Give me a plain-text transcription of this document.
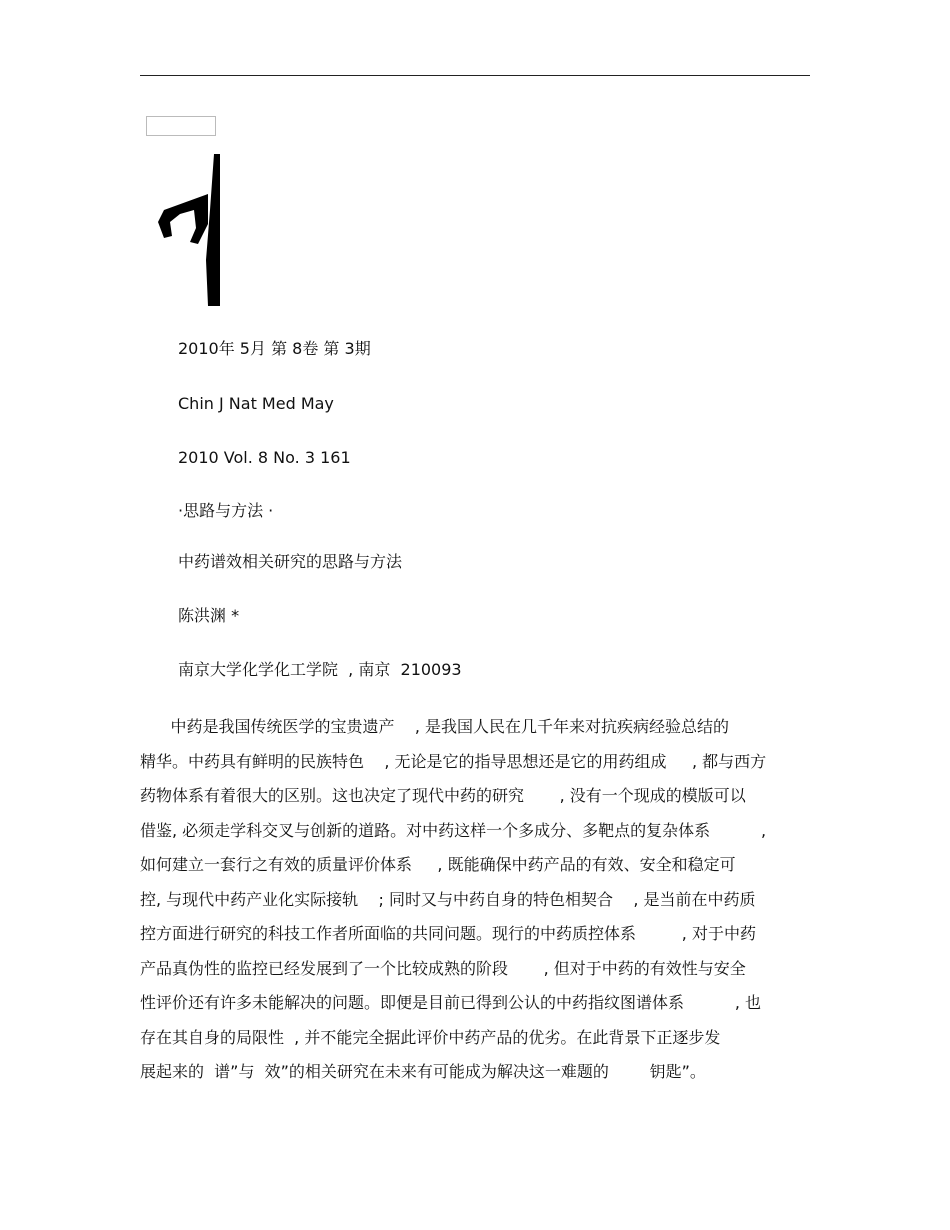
2010年 5月 第 8卷 第 3期
Chin J Nat Med May
2010 Vol. 8 No. 3 161
·思路与方法 ·
中药谱效相关研究的思路与方法
陈洪渊 *
南京大学化学化工学院  , 南京  210093
中药是我国传统医学的宝贵遗产    , 是我国人民在几千年来对抗疾病经验总结的
精华。中药具有鲜明的民族特色    , 无论是它的指导思想还是它的用药组成     , 都与西方
药物体系有着很大的区别。这也决定了现代中药的研究       , 没有一个现成的模版可以
借鉴, 必须走学科交叉与创新的道路。对中药这样一个多成分、多靶点的复杂体系          ,
如何建立一套行之有效的质量评价体系     , 既能确保中药产品的有效、安全和稳定可
控, 与现代中药产业化实际接轨    ; 同时又与中药自身的特色相契合    , 是当前在中药质
控方面进行研究的科技工作者所面临的共同问题。现行的中药质控体系         , 对于中药
产品真伪性的监控已经发展到了一个比较成熟的阶段       , 但对于中药的有效性与安全
性评价还有许多未能解决的问题。即便是目前已得到公认的中药指纹图谱体系          , 也
存在其自身的局限性  , 并不能完全据此评价中药产品的优劣。在此背景下正逐步发
展起来的  谱”与  效”的相关研究在未来有可能成为解决这一难题的        钥匙”。
